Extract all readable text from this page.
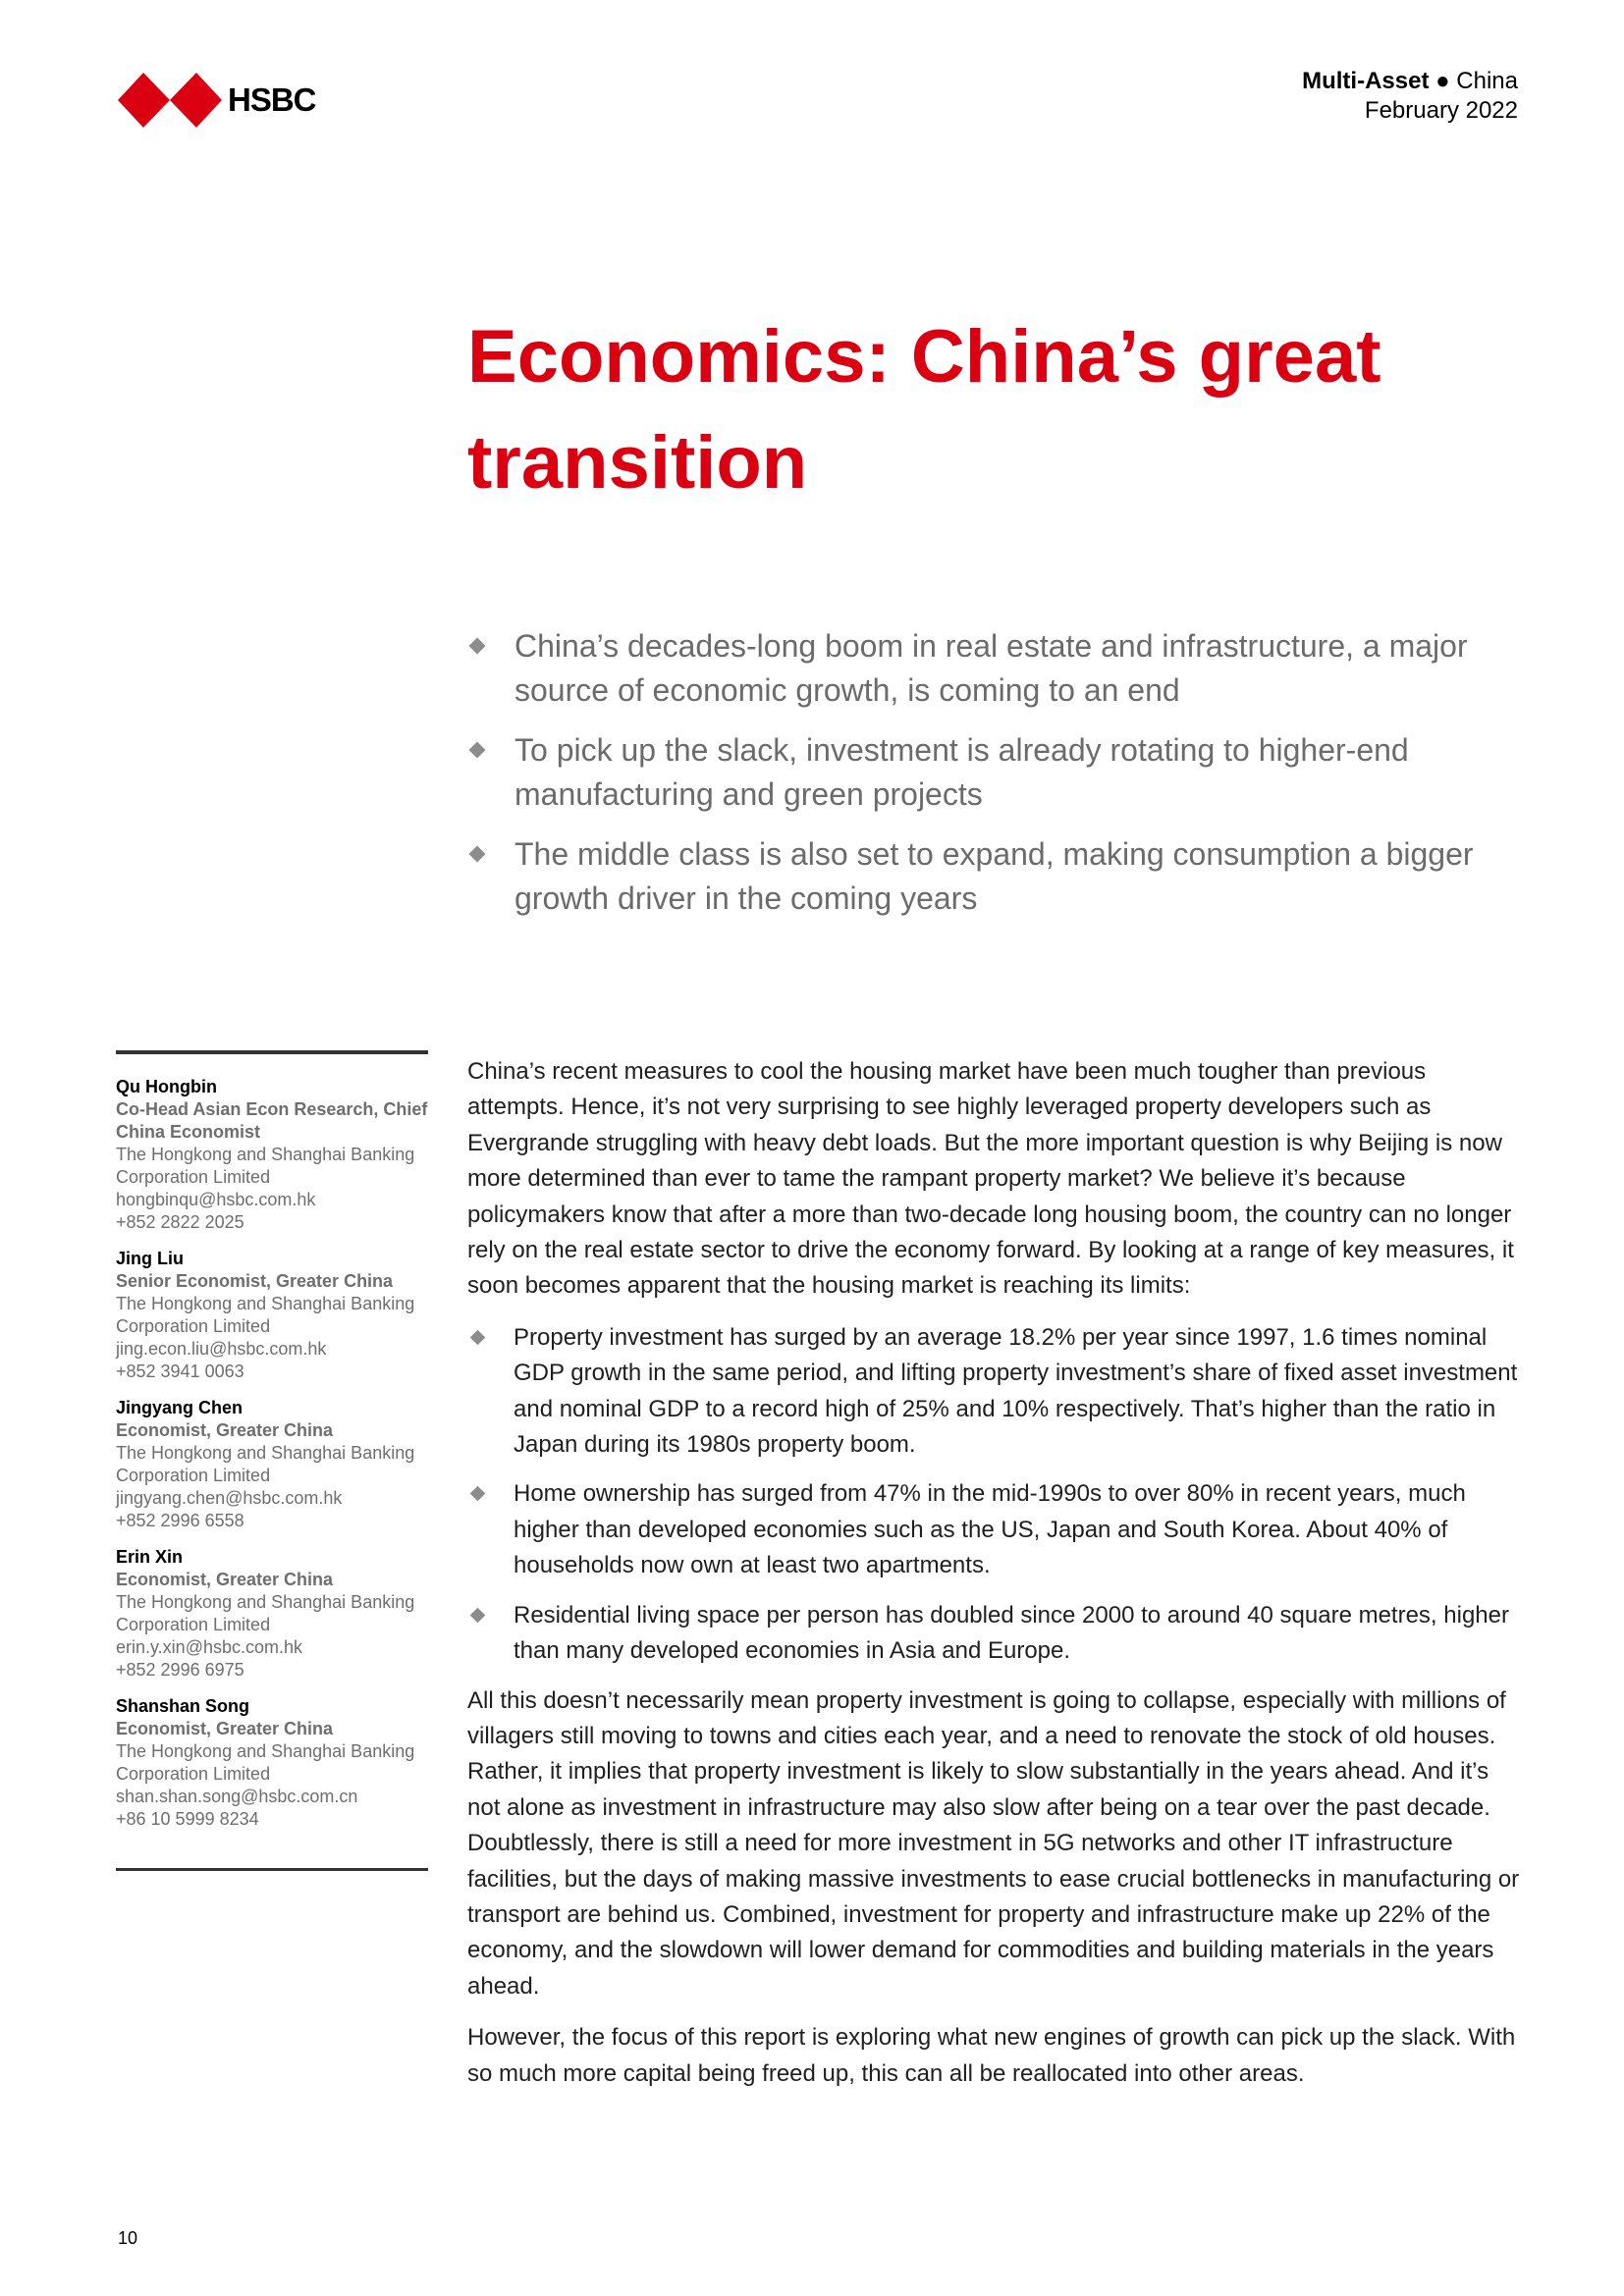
HSBC
Multi-Asset ● China
February 2022
Economics: China’s great transition
China’s decades-long boom in real estate and infrastructure, a major source of economic growth, is coming to an end
To pick up the slack, investment is already rotating to higher-end manufacturing and green projects
The middle class is also set to expand, making consumption a bigger growth driver in the coming years
Qu Hongbin
Co-Head Asian Econ Research, Chief China Economist
The Hongkong and Shanghai Banking Corporation Limited
hongbinqu@hsbc.com.hk
+852 2822 2025
Jing Liu
Senior Economist, Greater China
The Hongkong and Shanghai Banking Corporation Limited
jing.econ.liu@hsbc.com.hk
+852 3941 0063
Jingyang Chen
Economist, Greater China
The Hongkong and Shanghai Banking Corporation Limited
jingyang.chen@hsbc.com.hk
+852 2996 6558
Erin Xin
Economist, Greater China
The Hongkong and Shanghai Banking Corporation Limited
erin.y.xin@hsbc.com.hk
+852 2996 6975
Shanshan Song
Economist, Greater China
The Hongkong and Shanghai Banking Corporation Limited
shan.shan.song@hsbc.com.cn
+86 10 5999 8234

China’s recent measures to cool the housing market have been much tougher than previous attempts. Hence, it’s not very surprising to see highly leveraged property developers such as Evergrande struggling with heavy debt loads. But the more important question is why Beijing is now more determined than ever to tame the rampant property market? We believe it’s because policymakers know that after a more than two-decade long housing boom, the country can no longer rely on the real estate sector to drive the economy forward. By looking at a range of key measures, it soon becomes apparent that the housing market is reaching its limits:

Property investment has surged by an average 18.2% per year since 1997, 1.6 times nominal GDP growth in the same period, and lifting property investment’s share of fixed asset investment and nominal GDP to a record high of 25% and 10% respectively. That’s higher than the ratio in Japan during its 1980s property boom.
Home ownership has surged from 47% in the mid-1990s to over 80% in recent years, much higher than developed economies such as the US, Japan and South Korea. About 40% of households now own at least two apartments.
Residential living space per person has doubled since 2000 to around 40 square metres, higher than many developed economies in Asia and Europe.

All this doesn’t necessarily mean property investment is going to collapse, especially with millions of villagers still moving to towns and cities each year, and a need to renovate the stock of old houses. Rather, it implies that property investment is likely to slow substantially in the years ahead. And it’s not alone as investment in infrastructure may also slow after being on a tear over the past decade. Doubtlessly, there is still a need for more investment in 5G networks and other IT infrastructure facilities, but the days of making massive investments to ease crucial bottlenecks in manufacturing or transport are behind us. Combined, investment for property and infrastructure make up 22% of the economy, and the slowdown will lower demand for commodities and building materials in the years ahead.

However, the focus of this report is exploring what new engines of growth can pick up the slack. With so much more capital being freed up, this can all be reallocated into other areas.

10
